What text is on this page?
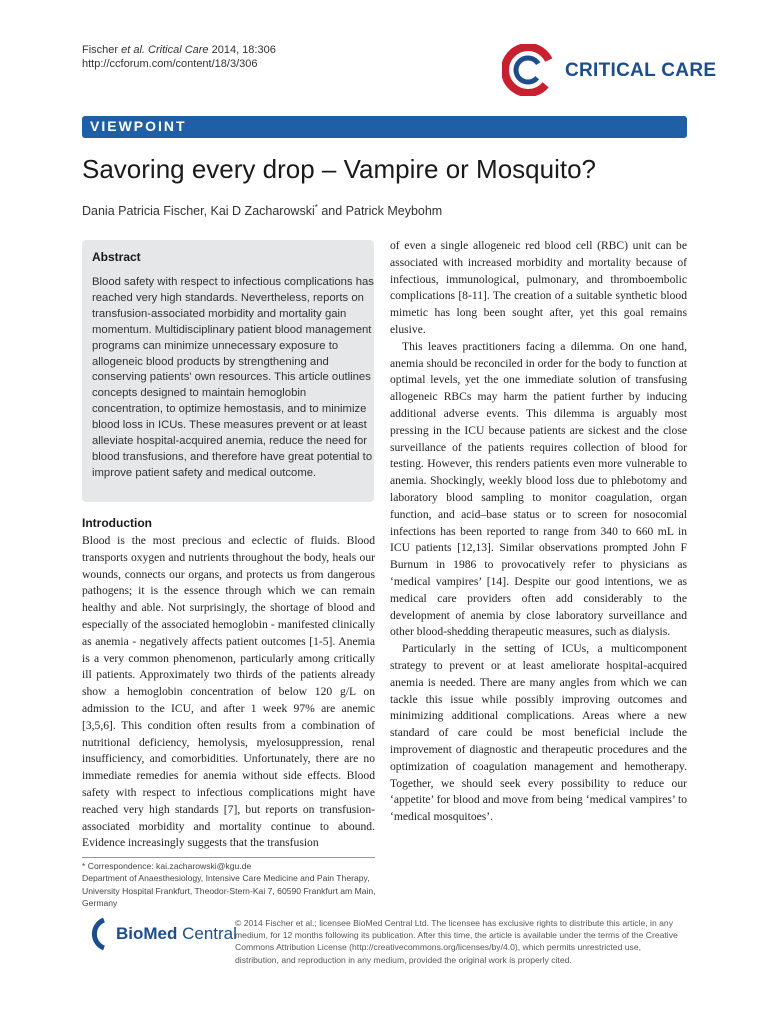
Fischer et al. Critical Care 2014, 18:306
http://ccforum.com/content/18/3/306	CRITICAL CARE
VIEWPOINT
Savoring every drop – Vampire or Mosquito?
Dania Patricia Fischer, Kai D Zacharowski* and Patrick Meybohm
Abstract
Blood safety with respect to infectious complications has reached very high standards. Nevertheless, reports on transfusion-associated morbidity and mortality gain momentum. Multidisciplinary patient blood management programs can minimize unnecessary exposure to allogeneic blood products by strengthening and conserving patients' own resources. This article outlines concepts designed to maintain hemoglobin concentration, to optimize hemostasis, and to minimize blood loss in ICUs. These measures prevent or at least alleviate hospital-acquired anemia, reduce the need for blood transfusions, and therefore have great potential to improve patient safety and medical outcome.
Introduction

Blood is the most precious and eclectic of fluids. Blood transports oxygen and nutrients throughout the body, heals our wounds, connects our organs, and protects us from dangerous pathogens; it is the essence through which we can remain healthy and able. Not surprisingly, the shortage of blood and especially of the associated hemoglobin - manifested clinically as anemia - negatively affects patient outcomes [1-5]. Anemia is a very common phenomenon, particularly among critically ill patients. Approximately two thirds of the patients already show a hemoglobin concentration of below 120 g/L on admission to the ICU, and after 1 week 97% are anemic [3,5,6]. This condition often results from a combination of nutritional deficiency, hemolysis, myelosuppression, renal insufficiency, and comorbidities. Unfortunately, there are no immediate remedies for anemia without side effects. Blood safety with respect to infectious complications might have reached very high standards [7], but reports on transfusion-associated morbidity and mortality continue to abound. Evidence increasingly suggests that the transfusion

of even a single allogeneic red blood cell (RBC) unit can be associated with increased morbidity and mortality because of infectious, immunological, pulmonary, and thromboembolic complications [8-11]. The creation of a suitable synthetic blood mimetic has long been sought after, yet this goal remains elusive.

This leaves practitioners facing a dilemma. On one hand, anemia should be reconciled in order for the body to function at optimal levels, yet the one immediate solution of transfusing allogeneic RBCs may harm the patient further by inducing additional adverse events. This dilemma is arguably most pressing in the ICU because patients are sickest and the close surveillance of the patients requires collection of blood for testing. However, this renders patients even more vulnerable to anemia. Shockingly, weekly blood loss due to phlebotomy and laboratory blood sampling to monitor coagulation, organ function, and acid–base status or to screen for nosocomial infections has been reported to range from 340 to 660 mL in ICU patients [12,13]. Similar observations prompted John F Burnum in 1986 to provocatively refer to physicians as ‘medical vampires’ [14]. Despite our good intentions, we as medical care providers often add considerably to the development of anemia by close laboratory surveillance and other blood-shedding therapeutic measures, such as dialysis.

Particularly in the setting of ICUs, a multicomponent strategy to prevent or at least ameliorate hospital-acquired anemia is needed. There are many angles from which we can tackle this issue while possibly improving outcomes and minimizing additional complications. Areas where a new standard of care could be most beneficial include the improvement of diagnostic and therapeutic procedures and the optimization of coagulation management and hemotherapy. Together, we should seek every possibility to reduce our ‘appetite’ for blood and move from being ‘medical vampires’ to ‘medical mosquitoes’.

* Correspondence: kai.zacharowski@kgu.de
Department of Anaesthesiology, Intensive Care Medicine and Pain Therapy, University Hospital Frankfurt, Theodor-Stern-Kai 7, 60590 Frankfurt am Main, Germany
BioMed Central
© 2014 Fischer et al.; licensee BioMed Central Ltd. The licensee has exclusive rights to distribute this article, in any medium, for 12 months following its publication. After this time, the article is available under the terms of the Creative Commons Attribution License (http://creativecommons.org/licenses/by/4.0), which permits unrestricted use, distribution, and reproduction in any medium, provided the original work is properly cited.
